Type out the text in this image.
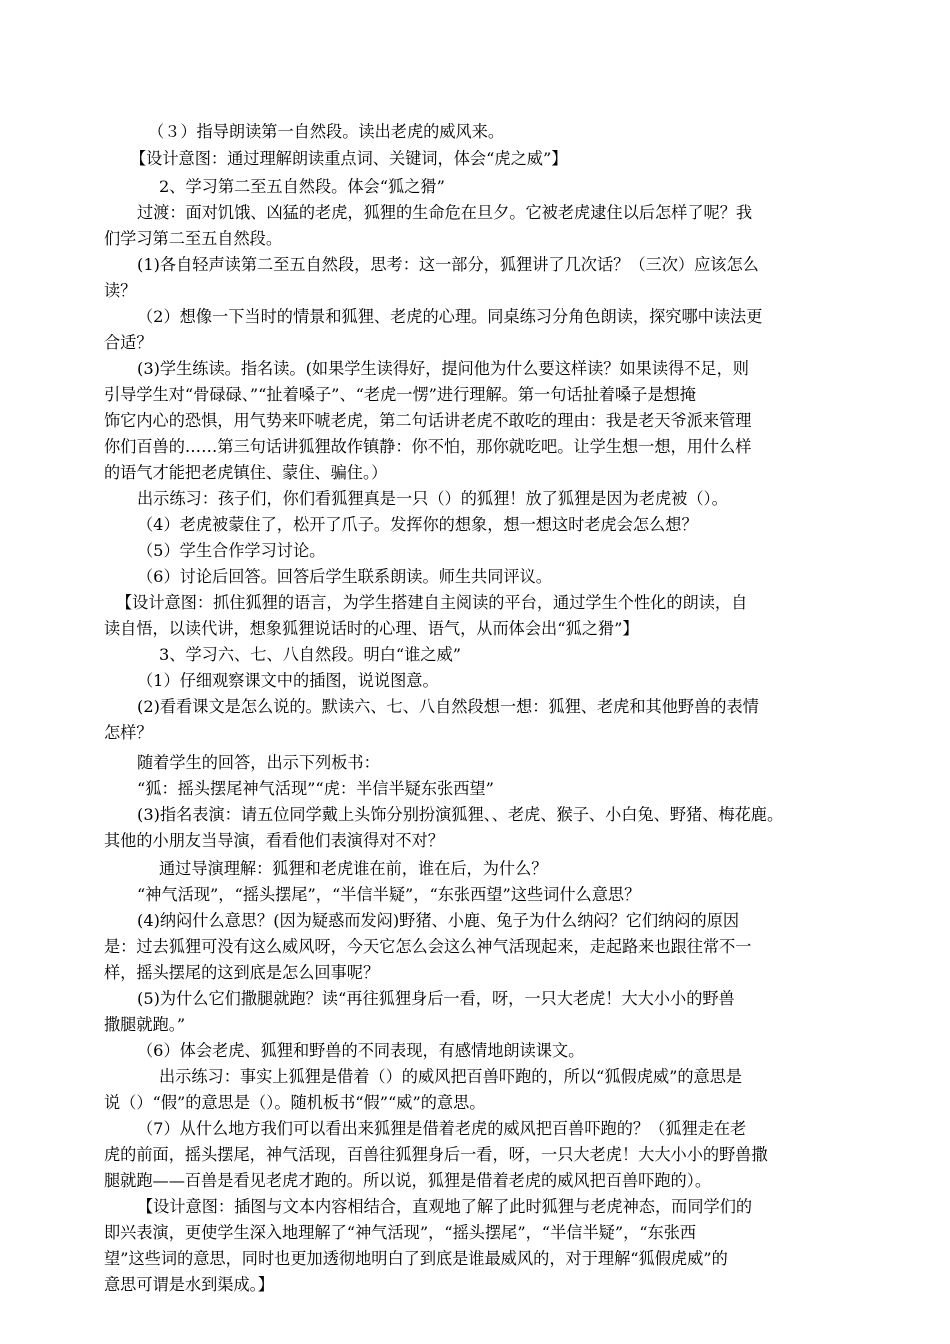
（３）指导朗读第一自然段。读出老虎的威风来。

【设计意图：通过理解朗读重点词、关键词，体会“虎之威”】

2、学习第二至五自然段。体会“狐之猾”

过渡：面对饥饿、凶猛的老虎，狐狸的生命危在旦夕。它被老虎逮住以后怎样了呢？我

们学习第二至五自然段。

(1)各自轻声读第二至五自然段，思考：这一部分，狐狸讲了几次话？（三次）应该怎么

读？

（2）想像一下当时的情景和狐狸、老虎的心理。同桌练习分角色朗读，探究哪中读法更

合适？

(3)学生练读。指名读。(如果学生读得好，提问他为什么要这样读？如果读得不足，则

引导学生对“骨碌碌、”“扯着嗓子”、“老虎一愣”进行理解。第一句话扯着嗓子是想掩

饰它内心的恐惧，用气势来吓唬老虎，第二句话讲老虎不敢吃的理由：我是老天爷派来管理

你们百兽的……第三句话讲狐狸故作镇静：你不怕，那你就吃吧。让学生想一想，用什么样

的语气才能把老虎镇住、蒙住、骗住。）

出示练习：孩子们，你们看狐狸真是一只（）的狐狸！放了狐狸是因为老虎被（）。

（4）老虎被蒙住了，松开了爪子。发挥你的想象，想一想这时老虎会怎么想？

（5）学生合作学习讨论。

（6）讨论后回答。回答后学生联系朗读。师生共同评议。

【设计意图：抓住狐狸的语言，为学生搭建自主阅读的平台，通过学生个性化的朗读，自

读自悟，以读代讲，想象狐狸说话时的心理、语气，从而体会出“狐之猾”】

3、学习六、七、八自然段。明白“谁之威”

（1）仔细观察课文中的插图，说说图意。

(2)看看课文是怎么说的。默读六、七、八自然段想一想：狐狸、老虎和其他野兽的表情

怎样？

随着学生的回答，出示下列板书：

“狐：摇头摆尾神气活现”“虎：半信半疑东张西望”

(3)指名表演：请五位同学戴上头饰分别扮演狐狸、、老虎、猴子、小白兔、野猪、梅花鹿。

其他的小朋友当导演，看看他们表演得对不对？

通过导演理解：狐狸和老虎谁在前，谁在后，为什么？

“神气活现”，“摇头摆尾”，“半信半疑”，“东张西望”这些词什么意思？

(4)纳闷什么意思？(因为疑惑而发闷)野猪、小鹿、兔子为什么纳闷？它们纳闷的原因

是：过去狐狸可没有这么威风呀，今天它怎么会这么神气活现起来，走起路来也跟往常不一

样，摇头摆尾的这到底是怎么回事呢？

(5)为什么它们撒腿就跑？读“再往狐狸身后一看，呀，一只大老虎！大大小小的野兽

撒腿就跑。”

（6）体会老虎、狐狸和野兽的不同表现，有感情地朗读课文。

出示练习：事实上狐狸是借着（）的威风把百兽吓跑的，所以“狐假虎威”的意思是

说（）“假”的意思是（）。随机板书“假”“威”的意思。

（7）从什么地方我们可以看出来狐狸是借着老虎的威风把百兽吓跑的？（狐狸走在老

虎的前面，摇头摆尾，神气活现，百兽往狐狸身后一看，呀，一只大老虎！大大小小的野兽撒

腿就跑——百兽是看见老虎才跑的。所以说，狐狸是借着老虎的威风把百兽吓跑的）。

【设计意图：插图与文本内容相结合，直观地了解了此时狐狸与老虎神态，而同学们的

即兴表演，更使学生深入地理解了“神气活现”，“摇头摆尾”，“半信半疑”，“东张西

望”这些词的意思，同时也更加透彻地明白了到底是谁最威风的，对于理解“狐假虎威”的

意思可谓是水到渠成。】
